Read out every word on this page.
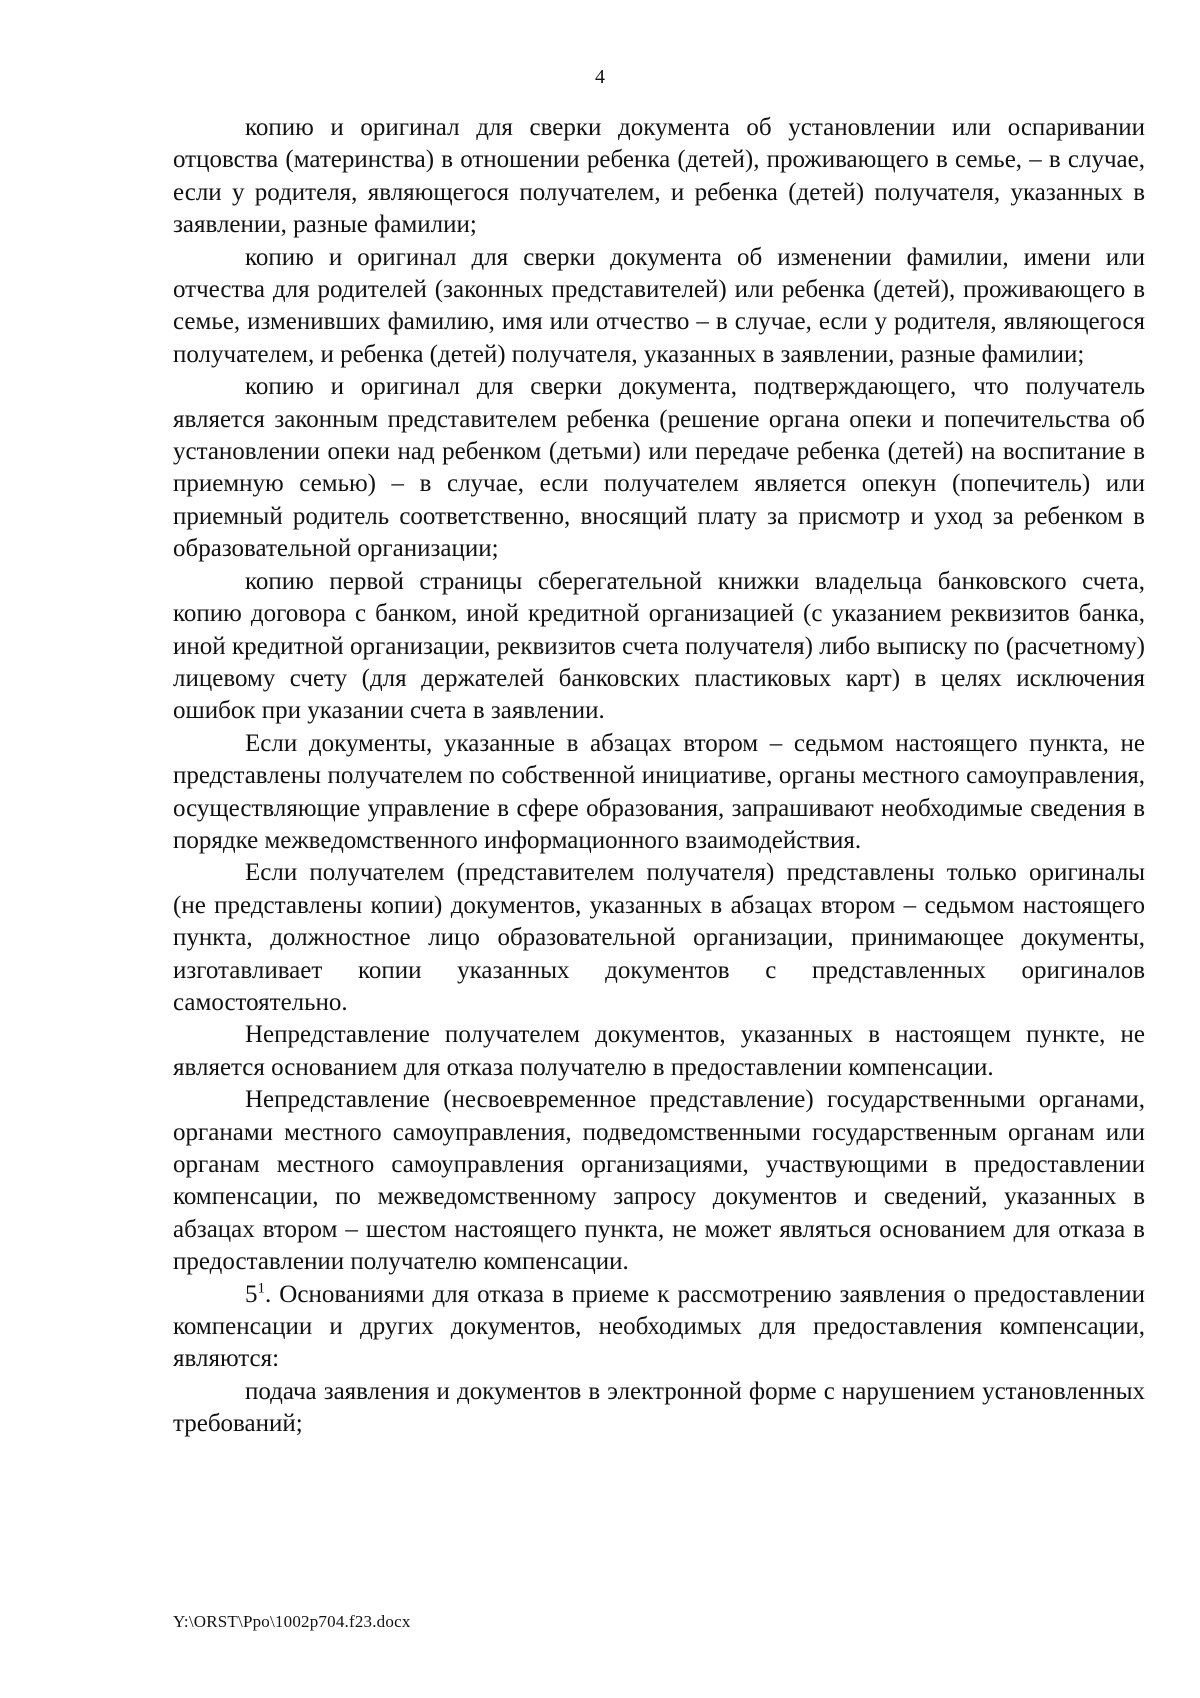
4

копию и оригинал для сверки документа об установлении или оспаривании отцовства (материнства) в отношении ребенка (детей), проживающего в семье, – в случае, если у родителя, являющегося получателем, и ребенка (детей) получателя, указанных в заявлении, разные фамилии;

копию и оригинал для сверки документа об изменении фамилии, имени или отчества для родителей (законных представителей) или ребенка (детей), проживающего в семье, изменивших фамилию, имя или отчество – в случае, если у родителя, являющегося получателем, и ребенка (детей) получателя, указанных в заявлении, разные фамилии;

копию и оригинал для сверки документа, подтверждающего, что получатель является законным представителем ребенка (решение органа опеки и попечительства об установлении опеки над ребенком (детьми) или передаче ребенка (детей) на воспитание в приемную семью) – в случае, если получателем является опекун (попечитель) или приемный родитель соответственно, вносящий плату за присмотр и уход за ребенком в образовательной организации;

копию первой страницы сберегательной книжки владельца банковского счета, копию договора с банком, иной кредитной организацией (с указанием реквизитов банка, иной кредитной организации, реквизитов счета получателя) либо выписку по (расчетному) лицевому счету (для держателей банковских пластиковых карт) в целях исключения ошибок при указании счета в заявлении.

Если документы, указанные в абзацах втором – седьмом настоящего пункта, не представлены получателем по собственной инициативе, органы местного самоуправления, осуществляющие управление в сфере образования, запрашивают необходимые сведения в порядке межведомственного информационного взаимодействия.

Если получателем (представителем получателя) представлены только оригиналы (не представлены копии) документов, указанных в абзацах втором – седьмом настоящего пункта, должностное лицо образовательной организации, принимающее документы, изготавливает копии указанных документов с представленных оригиналов самостоятельно.

Непредставление получателем документов, указанных в настоящем пункте, не является основанием для отказа получателю в предоставлении компенсации.

Непредставление (несвоевременное представление) государственными органами, органами местного самоуправления, подведомственными государственным органам или органам местного самоуправления организациями, участвующими в предоставлении компенсации, по межведомственному запросу документов и сведений, указанных в абзацах втором – шестом настоящего пункта, не может являться основанием для отказа в предоставлении получателю компенсации.

$5^1$. Основаниями для отказа в приеме к рассмотрению заявления о предоставлении компенсации и других документов, необходимых для предоставления компенсации, являются:

подача заявления и документов в электронной форме с нарушением установленных требований;

Y:\ORST\Ppo\1002p704.f23.docx
